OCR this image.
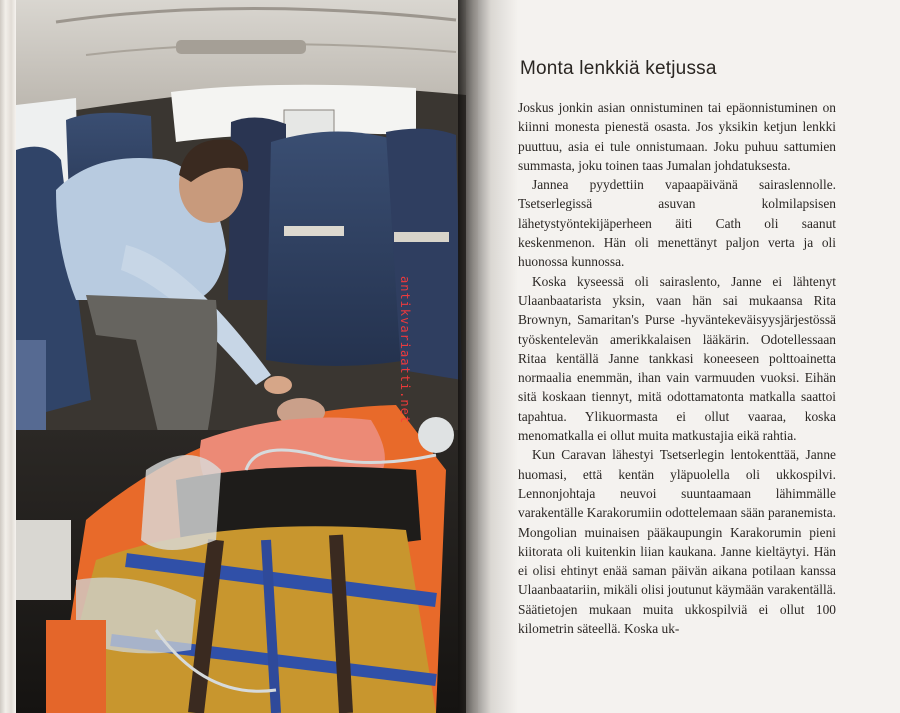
antikvariaatti.net
Monta lenkkiä ketjussa

Joskus jonkin asian onnistuminen tai epäonnistuminen on kiinni monesta pienestä osasta. Jos yksikin ketjun lenkki puuttuu, asia ei tule onnistumaan. Joku puhuu sattumien summasta, joku toinen taas Jumalan johdatuksesta.

Jannea pyydettiin vapaapäivänä sairaslennolle. Tsetserlegissä asuvan kolmilapsisen lähetystyöntekijäperheen äiti Cath oli saanut keskenmenon. Hän oli menettänyt paljon verta ja oli huonossa kunnossa.

Koska kyseessä oli sairaslento, Janne ei lähtenyt Ulaanbaatarista yksin, vaan hän sai mukaansa Rita Brownyn, Samaritan's Purse -hyväntekeväisyysjärjestössä työskentelevän amerikkalaisen lääkärin. Odotellessaan Ritaa kentällä Janne tankkasi koneeseen polttoainetta normaalia enemmän, ihan vain varmuuden vuoksi. Eihän sitä koskaan tiennyt, mitä odottamatonta matkalla saattoi tapahtua. Ylikuormasta ei ollut vaaraa, koska menomatkalla ei ollut muita matkustajia eikä rahtia.

Kun Caravan lähestyi Tsetserlegin lentokenttää, Janne huomasi, että kentän yläpuolella oli ukkospilvi. Lennonjohtaja neuvoi suuntaamaan lähimmälle varakentälle Karakorumiin odottelemaan sään paranemista. Mongolian muinaisen pääkaupungin Karakorumin pieni kiitorata oli kuitenkin liian kaukana. Janne kieltäytyi. Hän ei olisi ehtinyt enää saman päivän aikana potilaan kanssa Ulaanbaatariin, mikäli olisi joutunut käymään varakentällä. Säätietojen mukaan muita ukkospilviä ei ollut 100 kilometrin säteellä. Koska uk-
